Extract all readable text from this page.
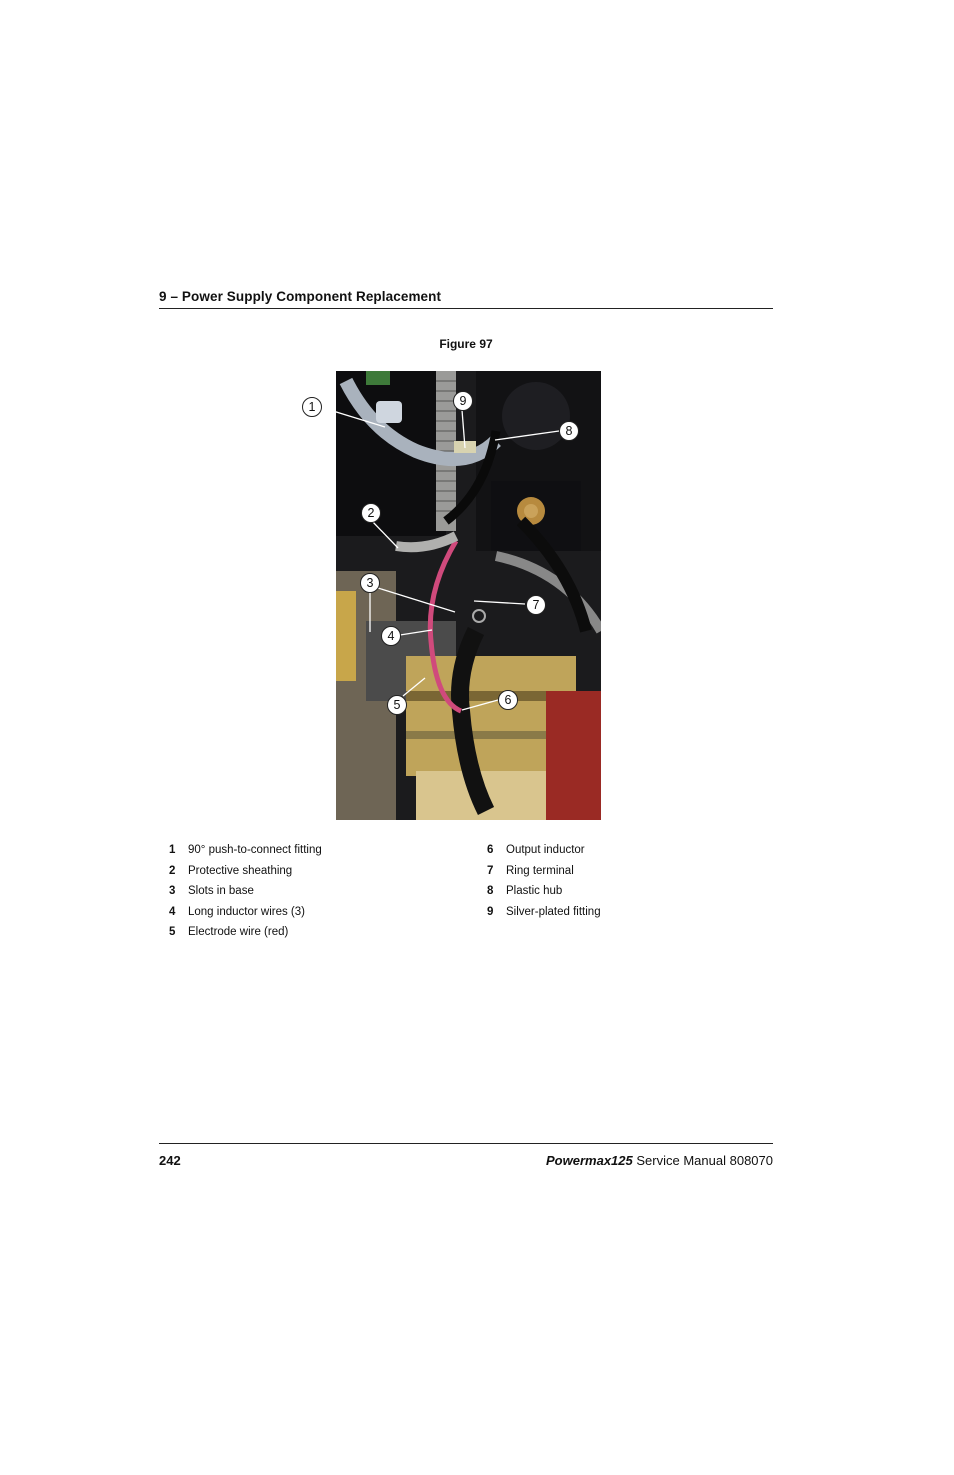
9 – Power Supply Component Replacement
Figure 97
1
2
3
4
5	6
7
8
9
1	90° push-to-connect fitting
2	Protective sheathing
3	Slots in base
4	Long inductor wires (3)
5	Electrode wire (red)
6	Output inductor
7	Ring terminal
8	Plastic hub
9	Silver-plated fitting
242	Powermax125 Service Manual 808070
